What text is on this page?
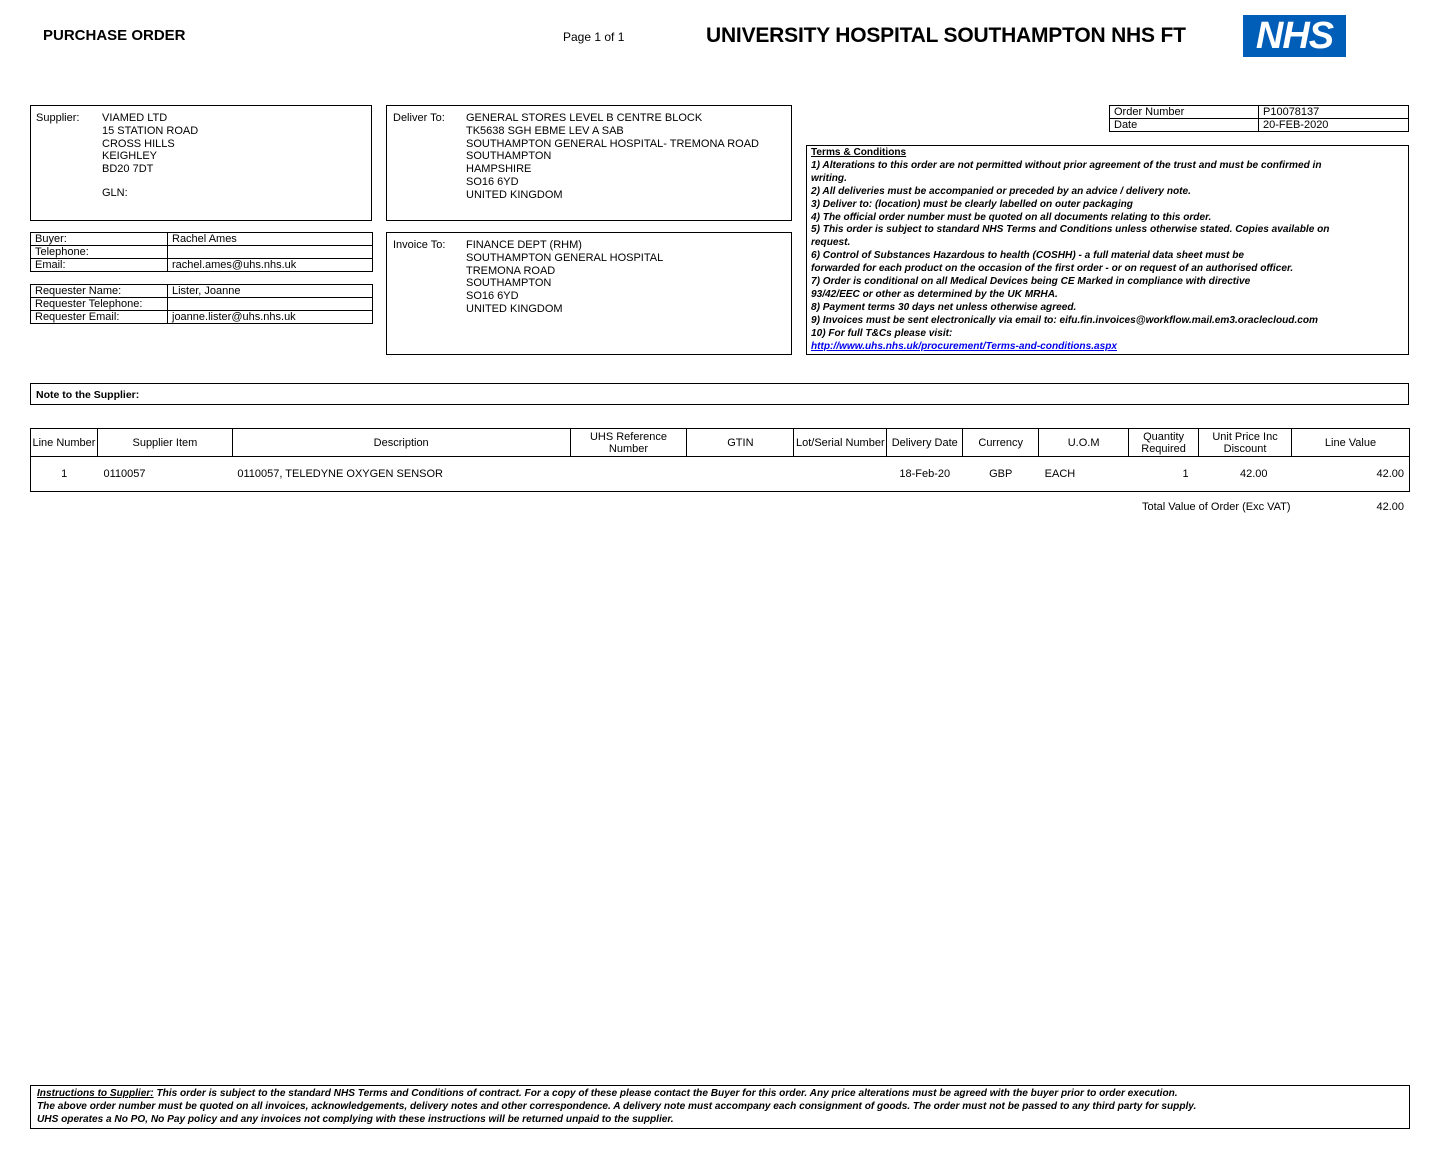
PURCHASE ORDER	Page 1 of 1	UNIVERSITY HOSPITAL SOUTHAMPTON NHS FT	NHS
Supplier: VIAMED LTD
15 STATION ROAD
CROSS HILLS
KEIGHLEY
BD20 7DT
GLN:
Deliver To: GENERAL STORES LEVEL B CENTRE BLOCK
TK5638 SGH EBME LEV A SAB
SOUTHAMPTON GENERAL HOSPITAL- TREMONA ROAD
SOUTHAMPTON
HAMPSHIRE
SO16 6YD
UNITED KINGDOM
Invoice To: FINANCE DEPT (RHM)
SOUTHAMPTON GENERAL HOSPITAL
TREMONA ROAD
SOUTHAMPTON
SO16 6YD
UNITED KINGDOM
Buyer:	Rachel Ames
Telephone:	
Email:	rachel.ames@uhs.nhs.uk
Requester Name:	Lister, Joanne
Requester Telephone:	
Requester Email:	joanne.lister@uhs.nhs.uk
Order Number	P10078137
Date	20-FEB-2020
Terms & Conditions
1) Alterations to this order are not permitted without prior agreement of the trust and must be confirmed in
writing.
2) All deliveries must be accompanied or preceded by an advice / delivery note.
3) Deliver to: (location) must be clearly labelled on outer packaging
4) The official order number must be quoted on all documents relating to this order.
5) This order is subject to standard NHS Terms and Conditions unless otherwise stated. Copies available on
request.
6) Control of Substances Hazardous to health (COSHH) - a full material data sheet must be
forwarded for each product on the occasion of the first order - or on request of an authorised officer.
7) Order is conditional on all Medical Devices being CE Marked in compliance with directive
93/42/EEC or other as determined by the UK MRHA.
8) Payment terms 30 days net unless otherwise agreed.
9) Invoices must be sent electronically via email to: eifu.fin.invoices@workflow.mail.em3.oraclecloud.com
10) For full T&Cs please visit:
http://www.uhs.nhs.uk/procurement/Terms-and-conditions.aspx
Note to the Supplier:
Line Number	Supplier Item	Description	UHS Reference Number	GTIN	Lot/Serial Number	Delivery Date	Currency	U.O.M	Quantity Required	Unit Price Inc Discount	Line Value
1	0110057	0110057, TELEDYNE OXYGEN SENSOR				18-Feb-20	GBP	EACH	1	42.00	42.00
Total Value of Order (Exc VAT)	42.00
Instructions to Supplier: This order is subject to the standard NHS Terms and Conditions of contract. For a copy of these please contact the Buyer for this order. Any price alterations must be agreed with the buyer prior to order execution.
The above order number must be quoted on all invoices, acknowledgements, delivery notes and other correspondence. A delivery note must accompany each consignment of goods. The order must not be passed to any third party for supply.
UHS operates a No PO, No Pay policy and any invoices not complying with these instructions will be returned unpaid to the supplier.
